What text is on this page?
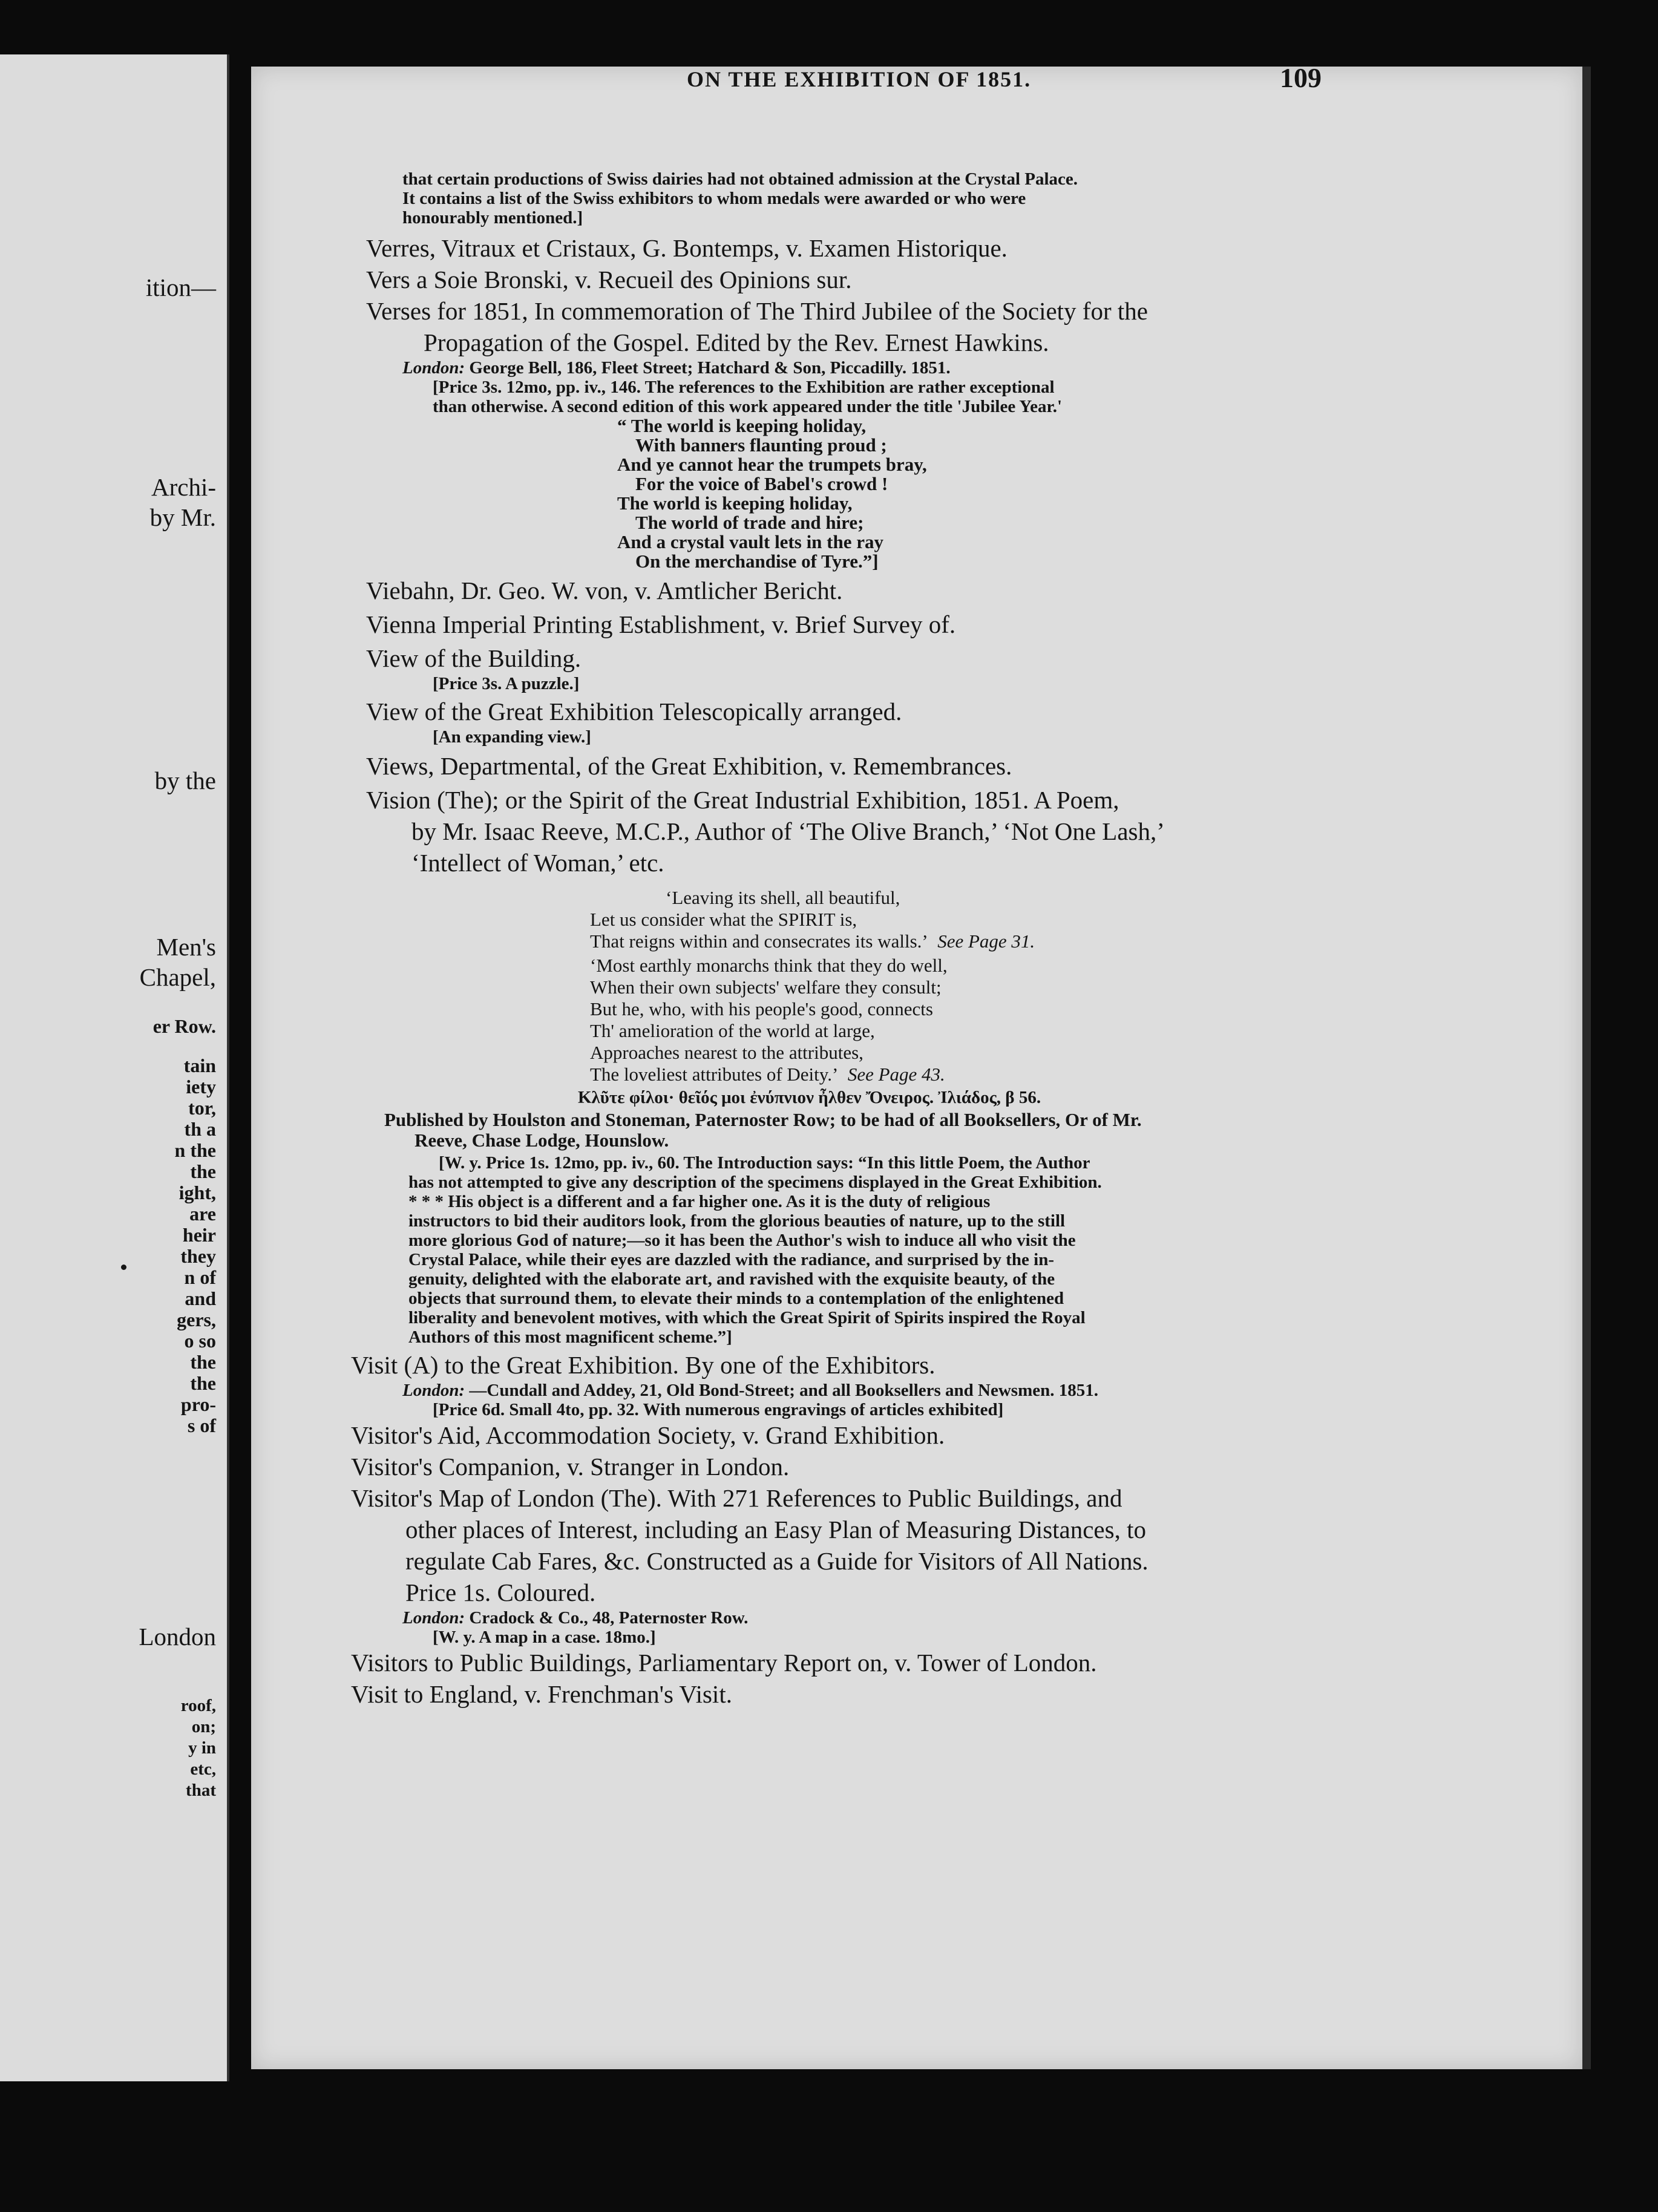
ition—
Archi-
by Mr.
by the
Men's
Chapel,
er Row.
tain
iety
tor,
th a
n the
the
ight,
are
heir
they
n of
and
gers,
o so
the
the
pro-
s of
London
roof,
on;
y in
etc,
that
ON THE EXHIBITION OF 1851.	109
that certain productions of Swiss dairies had not obtained admission at the Crystal Palace.
It contains a list of the Swiss exhibitors to whom medals were awarded or who were
honourably mentioned.]
Verres, Vitraux et Cristaux, G. Bontemps, v. Examen Historique.
Vers a Soie Bronski, v. Recueil des Opinions sur.
Verses for 1851, In commemoration of The Third Jubilee of the Society for the
Propagation of the Gospel. Edited by the Rev. Ernest Hawkins.
London: George Bell, 186, Fleet Street; Hatchard & Son, Piccadilly. 1851.
[Price 3s. 12mo, pp. iv., 146. The references to the Exhibition are rather exceptional
than otherwise. A second edition of this work appeared under the title 'Jubilee Year.'
“ The world is keeping holiday,
With banners flaunting proud ;
And ye cannot hear the trumpets bray,
For the voice of Babel's crowd !
The world is keeping holiday,
The world of trade and hire;
And a crystal vault lets in the ray
On the merchandise of Tyre.”]
Viebahn, Dr. Geo. W. von, v. Amtlicher Bericht.
Vienna Imperial Printing Establishment, v. Brief Survey of.
View of the Building.
[Price 3s. A puzzle.]
View of the Great Exhibition Telescopically arranged.
[An expanding view.]
Views, Departmental, of the Great Exhibition, v. Remembrances.
Vision (The); or the Spirit of the Great Industrial Exhibition, 1851. A Poem,
by Mr. Isaac Reeve, M.C.P., Author of ‘The Olive Branch,’ ‘Not One Lash,’
‘Intellect of Woman,’ etc.
‘Leaving its shell, all beautiful,
Let us consider what the SPIRIT is,
That reigns within and consecrates its walls.’ See Page 31.
‘Most earthly monarchs think that they do well,
When their own subjects' welfare they consult;
But he, who, with his people's good, connects
Th' amelioration of the world at large,
Approaches nearest to the attributes,
The loveliest attributes of Deity.’ See Page 43.
Κλῦτε φίλοι· θεῖός μοι ἐνύπνιον ἦλθεν Ὄνειρος. Ἰλιάδος, β 56.
Published by Houlston and Stoneman, Paternoster Row; to be had of all Booksellers, Or of Mr.
Reeve, Chase Lodge, Hounslow.
[W. y. Price 1s. 12mo, pp. iv., 60. The Introduction says: “In this little Poem, the Author
has not attempted to give any description of the specimens displayed in the Great Exhibition.
* * * His object is a different and a far higher one. As it is the duty of religious
instructors to bid their auditors look, from the glorious beauties of nature, up to the still
more glorious God of nature;—so it has been the Author's wish to induce all who visit the
Crystal Palace, while their eyes are dazzled with the radiance, and surprised by the in-
genuity, delighted with the elaborate art, and ravished with the exquisite beauty, of the
objects that surround them, to elevate their minds to a contemplation of the enlightened
liberality and benevolent motives, with which the Great Spirit of Spirits inspired the Royal
Authors of this most magnificent scheme.”]
Visit (A) to the Great Exhibition. By one of the Exhibitors.
London: —Cundall and Addey, 21, Old Bond-Street; and all Booksellers and Newsmen. 1851.
[Price 6d. Small 4to, pp. 32. With numerous engravings of articles exhibited]
Visitor's Aid, Accommodation Society, v. Grand Exhibition.
Visitor's Companion, v. Stranger in London.
Visitor's Map of London (The). With 271 References to Public Buildings, and
other places of Interest, including an Easy Plan of Measuring Distances, to
regulate Cab Fares, &c. Constructed as a Guide for Visitors of All Nations.
Price 1s. Coloured.
London: Cradock & Co., 48, Paternoster Row.
[W. y. A map in a case. 18mo.]
Visitors to Public Buildings, Parliamentary Report on, v. Tower of London.
Visit to England, v. Frenchman's Visit.
